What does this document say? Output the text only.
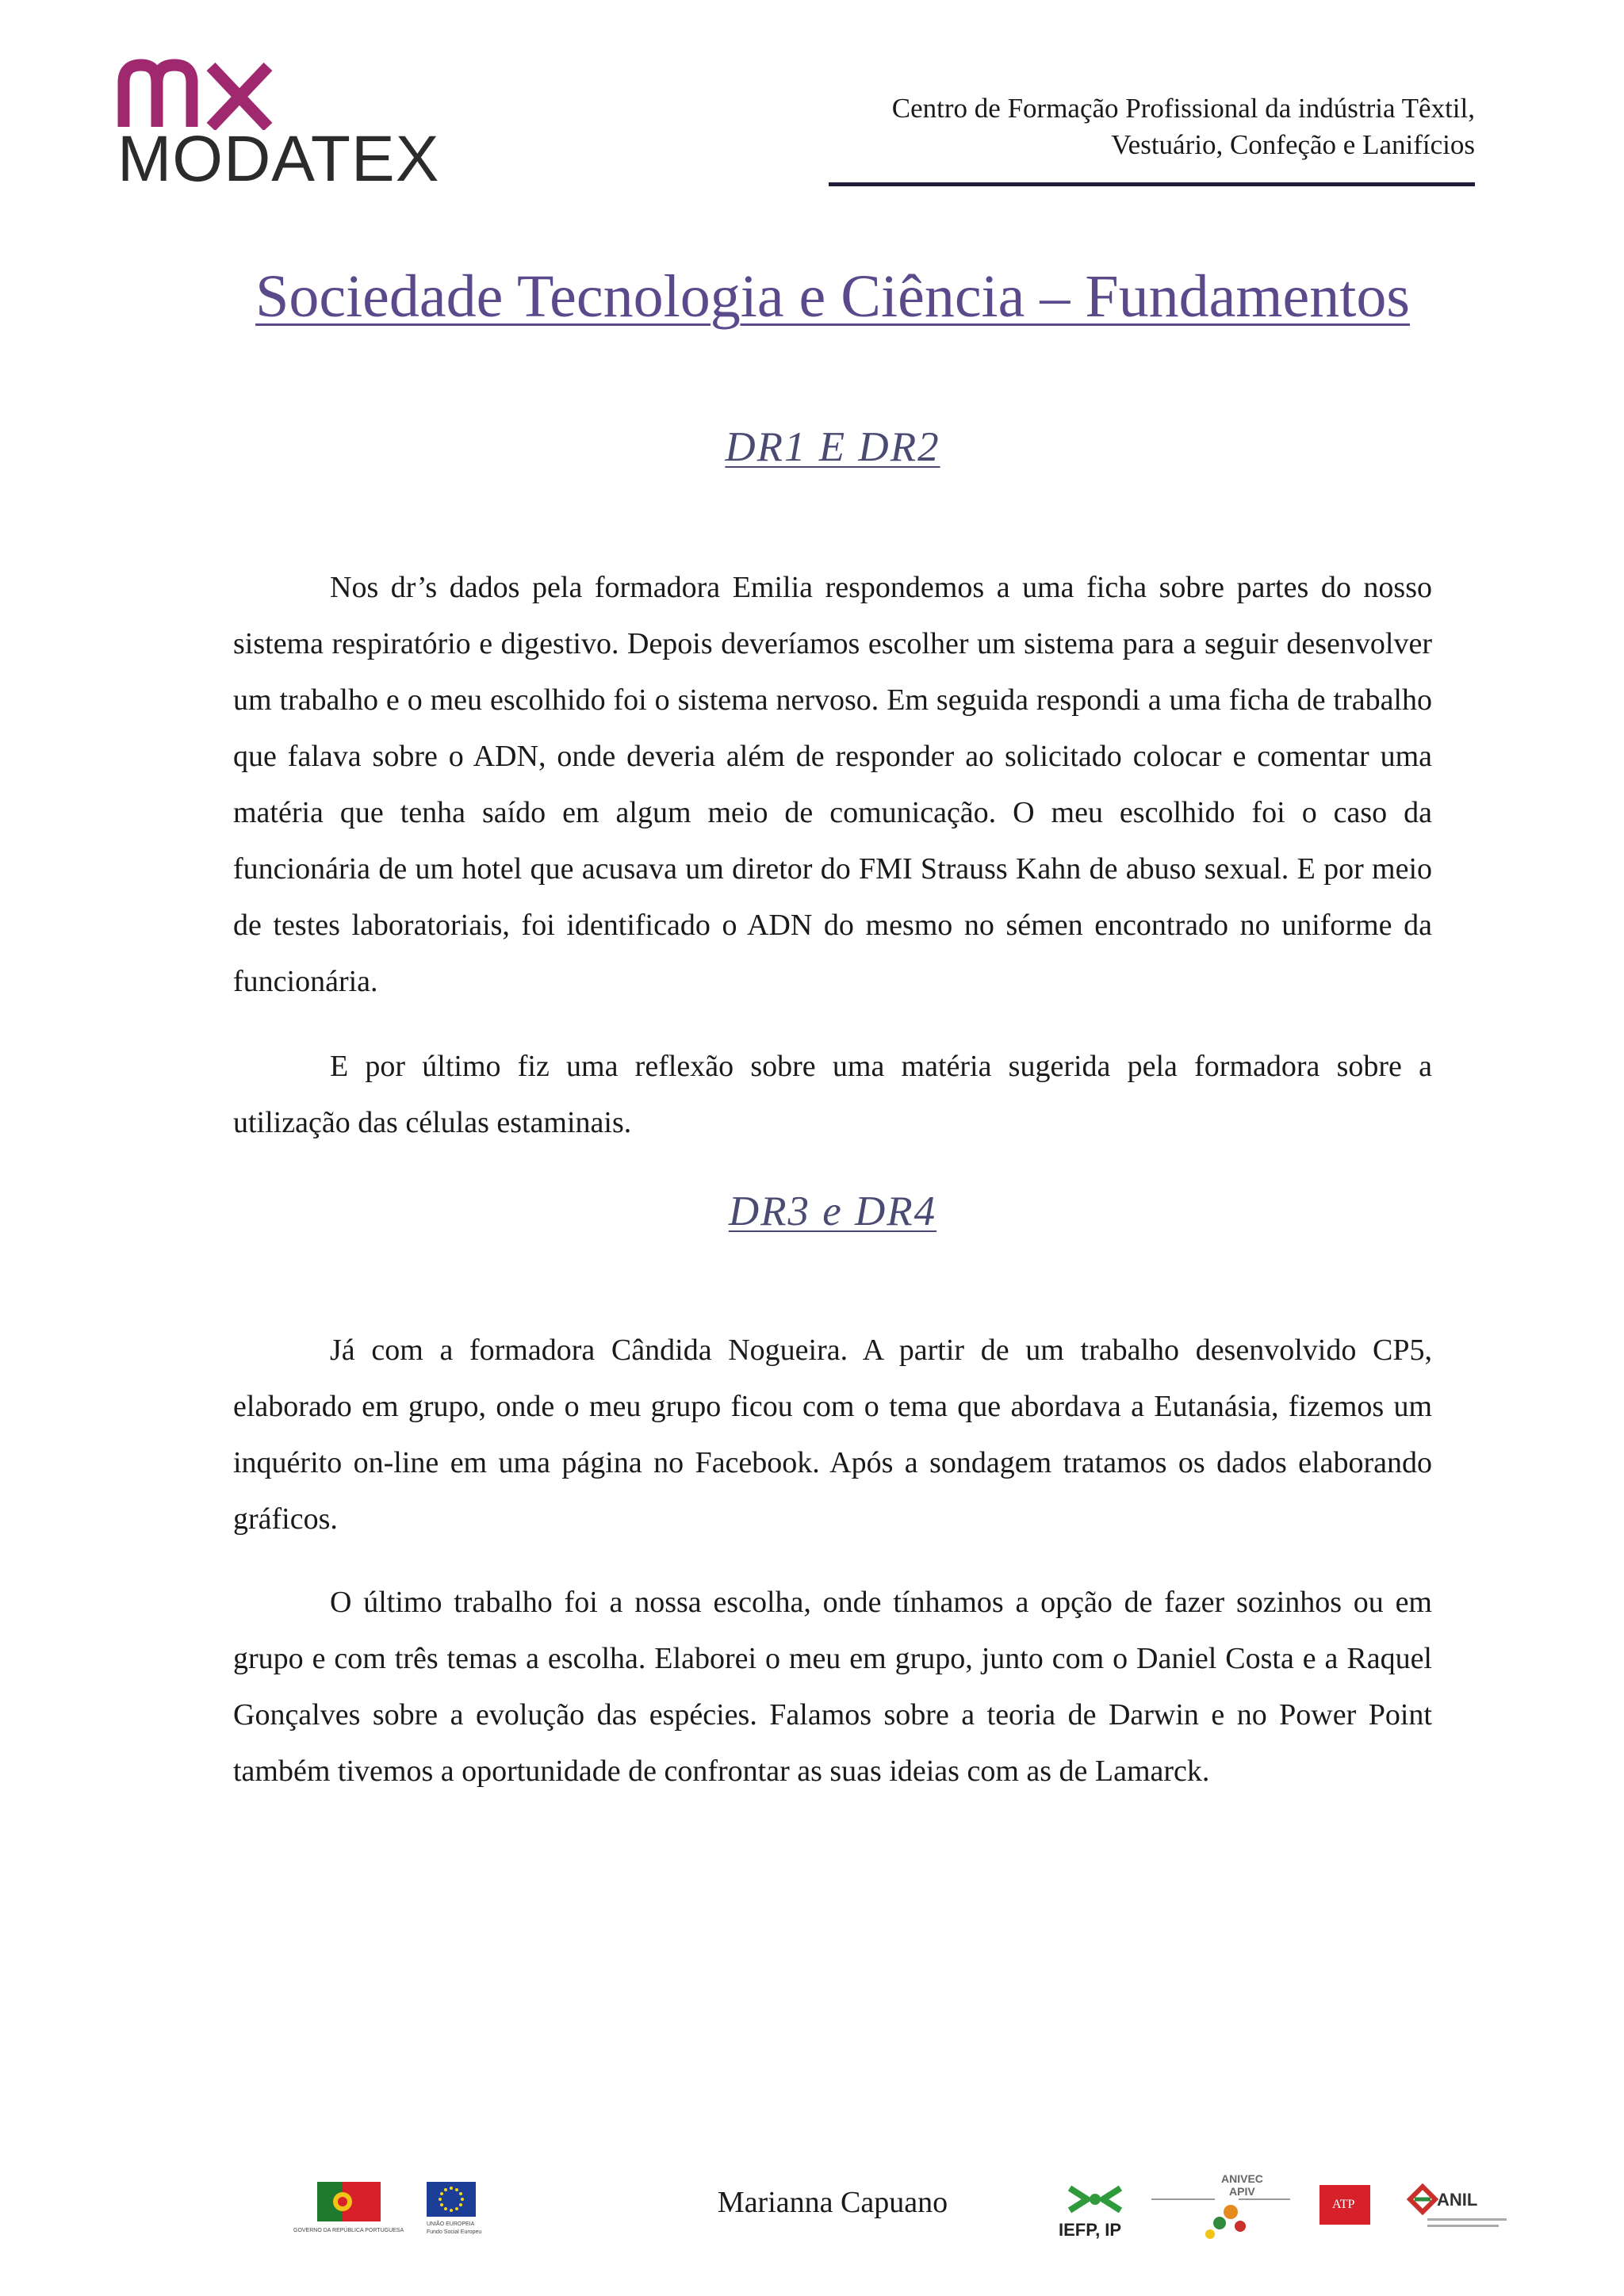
MODATEX
Centro de Formação Profissional da indústria Têxtil,
Vestuário, Confeção e Lanifícios
Sociedade Tecnologia e Ciência – Fundamentos
DR1 E DR2

Nos dr’s dados pela formadora Emilia respondemos a uma ficha sobre partes do nosso sistema respiratório e digestivo. Depois deveríamos escolher um sistema para a seguir desenvolver um trabalho e o meu escolhido foi o sistema nervoso. Em seguida respondi a uma ficha de trabalho que falava sobre o ADN, onde deveria além de responder ao solicitado colocar e comentar uma matéria que tenha saído em algum meio de comunicação. O meu escolhido foi o caso da funcionária de um hotel que acusava um diretor do FMI Strauss Kahn de abuso sexual. E por meio de testes laboratoriais, foi identificado o ADN do mesmo no sémen encontrado no uniforme da funcionária.

E por último fiz uma reflexão sobre uma matéria sugerida pela formadora sobre a utilização das células estaminais.

DR3 e DR4

Já com a formadora Cândida Nogueira. A partir de um trabalho desenvolvido CP5, elaborado em grupo, onde o meu grupo ficou com o tema que abordava a Eutanásia, fizemos um inquérito on-line em uma página no Facebook. Após a sondagem tratamos os dados elaborando gráficos.

O último trabalho foi a nossa escolha, onde tínhamos a opção de fazer sozinhos ou em grupo e com três temas a escolha. Elaborei o meu em grupo, junto com o Daniel Costa e a Raquel Gonçalves sobre a evolução das espécies. Falamos sobre a teoria de Darwin e no Power Point também tivemos a oportunidade de confrontar as suas ideias com as de Lamarck.

Marianna Capuano
GOVERNO DA REPÚBLICA PORTUGUESA
UNIÃO EUROPEIA
Fundo Social Europeu	IEFP, IP
ANIVEC
APIV
ATP	ANIL
